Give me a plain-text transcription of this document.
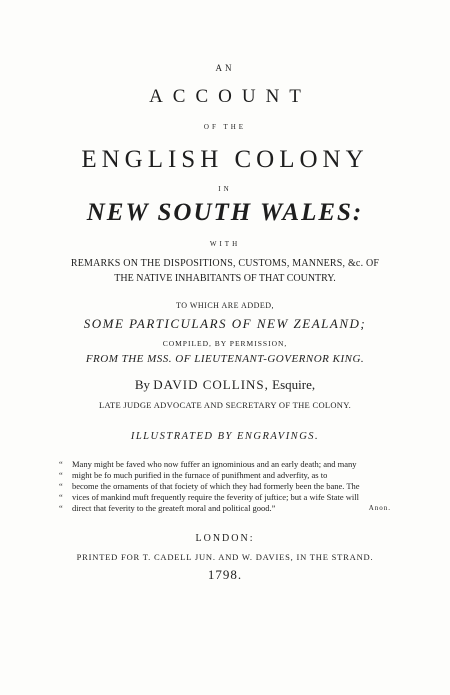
AN
ACCOUNT
OF THE
ENGLISH COLONY
IN
NEW SOUTH WALES:
WITH
REMARKS ON THE DISPOSITIONS, CUSTOMS, MANNERS, &c. OF
THE NATIVE INHABITANTS OF THAT COUNTRY.
TO WHICH ARE ADDED,
SOME PARTICULARS OF NEW ZEALAND;
COMPILED, BY PERMISSION,
FROM THE MSS. OF LIEUTENANT-GOVERNOR KING.
By DAVID COLLINS, Esquire,
LATE JUDGE ADVOCATE AND SECRETARY OF THE COLONY.
ILLUSTRATED BY ENGRAVINGS.
“ Many might be faved who now fuffer an ignominious and an early death; and many
“ might be fo much purified in the furnace of punifhment and adverfity, as to
“ become the ornaments of that fociety of which they had formerly been the bane. The
“ vices of mankind muft frequently require the feverity of juftice; but a wife State will
“ direct that feverity to the greateft moral and political good.”	Anon.
LONDON:
PRINTED FOR T. CADELL JUN. AND W. DAVIES, IN THE STRAND.
1798.
